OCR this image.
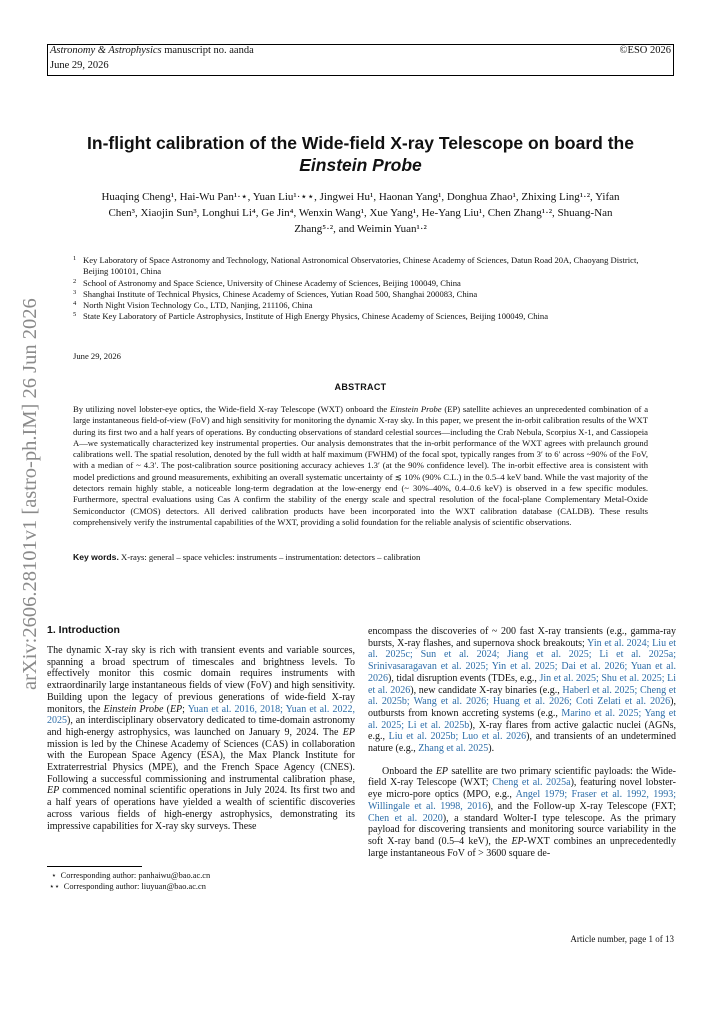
Astronomy & Astrophysics manuscript no. aanda
June 29, 2026
©ESO 2026
arXiv:2606.28101v1 [astro-ph.IM] 26 Jun 2026
In-flight calibration of the Wide-field X-ray Telescope on board the
Einstein Probe
Huaqing Cheng¹, Hai-Wu Pan¹·⋆, Yuan Liu¹·⋆⋆, Jingwei Hu¹, Haonan Yang¹, Donghua Zhao¹, Zhixing Ling¹·², Yifan
Chen³, Xiaojin Sun³, Longhui Li⁴, Ge Jin⁴, Wenxin Wang¹, Xue Yang¹, He-Yang Liu¹, Chen Zhang¹·², Shuang-Nan
Zhang⁵·², and Weimin Yuan¹·²
1 Key Laboratory of Space Astronomy and Technology, National Astronomical Observatories, Chinese Academy of Sciences, Datun Road 20A, Chaoyang District, Beijing 100101, China
2 School of Astronomy and Space Science, University of Chinese Academy of Sciences, Beijing 100049, China
3 Shanghai Institute of Technical Physics, Chinese Academy of Sciences, Yutian Road 500, Shanghai 200083, China
4 North Night Vision Technology Co., LTD, Nanjing, 211106, China
5 State Key Laboratory of Particle Astrophysics, Institute of High Energy Physics, Chinese Academy of Sciences, Beijing 100049, China
June 29, 2026
ABSTRACT
By utilizing novel lobster-eye optics, the Wide-field X-ray Telescope (WXT) onboard the Einstein Probe (EP) satellite achieves an unprecedented combination of a large instantaneous field-of-view (FoV) and high sensitivity for monitoring the dynamic X-ray sky. In this paper, we present the in-orbit calibration results of the WXT during its first two and a half years of operations. By conducting observations of standard celestial sources—including the Crab Nebula, Scorpius X-1, and Cassiopeia A—we systematically characterized key instrumental properties. Our analysis demonstrates that the in-orbit performance of the WXT agrees with prelaunch ground calibrations well. The spatial resolution, denoted by the full width at half maximum (FWHM) of the focal spot, typically ranges from 3′ to 6′ across ~90% of the FoV, with a median of ~ 4.3′. The post-calibration source positioning accuracy achieves 1.3′ (at the 90% confidence level). The in-orbit effective area is consistent with model predictions and ground measurements, exhibiting an overall systematic uncertainty of ≲ 10% (90% C.L.) in the 0.5–4 keV band. While the vast majority of the detectors remain highly stable, a noticeable long-term degradation at the low-energy end (~ 30%–40%, 0.4–0.6 keV) is observed in a few specific modules. Furthermore, spectral evaluations using Cas A confirm the stability of the energy scale and spectral resolution of the focal-plane Complementary Metal-Oxide Semiconductor (CMOS) detectors. All derived calibration products have been incorporated into the WXT calibration database (CALDB). These results comprehensively verify the instrumental capabilities of the WXT, providing a solid foundation for the reliable analysis of scientific observations.
Key words. X-rays: general – space vehicles: instruments – instrumentation: detectors – calibration
1. Introduction

The dynamic X-ray sky is rich with transient events and variable sources, spanning a broad spectrum of timescales and brightness levels. To effectively monitor this cosmic domain requires instruments with extraordinarily large instantaneous fields of view (FoV) and high sensitivity. Building upon the legacy of previous generations of wide-field X-ray monitors, the Einstein Probe (EP; Yuan et al. 2016, 2018; Yuan et al. 2022, 2025), an interdisciplinary observatory dedicated to time-domain astronomy and high-energy astrophysics, was launched on January 9, 2024. The EP mission is led by the Chinese Academy of Sciences (CAS) in collaboration with the European Space Agency (ESA), the Max Planck Institute for Extraterrestrial Physics (MPE), and the French Space Agency (CNES). Following a successful commissioning and instrumental calibration phase, EP commenced nominal scientific operations in July 2024. Its first two and a half years of operations have yielded a wealth of scientific discoveries across various fields of high-energy astrophysics, demonstrating its impressive capabilities for X-ray sky surveys. These

encompass the discoveries of ~ 200 fast X-ray transients (e.g., gamma-ray bursts, X-ray flashes, and supernova shock breakouts; Yin et al. 2024; Liu et al. 2025c; Sun et al. 2024; Jiang et al. 2025; Li et al. 2025a; Srinivasaragavan et al. 2025; Yin et al. 2025; Dai et al. 2026; Yuan et al. 2026), tidal disruption events (TDEs, e.g., Jin et al. 2025; Shu et al. 2025; Li et al. 2026), new candidate X-ray binaries (e.g., Haberl et al. 2025; Cheng et al. 2025b; Wang et al. 2026; Huang et al. 2026; Coti Zelati et al. 2026), outbursts from known accreting systems (e.g., Marino et al. 2025; Yang et al. 2025; Li et al. 2025b), X-ray flares from active galactic nuclei (AGNs, e.g., Liu et al. 2025b; Luo et al. 2026), and transients of an undetermined nature (e.g., Zhang et al. 2025).

Onboard the EP satellite are two primary scientific payloads: the Wide-field X-ray Telescope (WXT; Cheng et al. 2025a), featuring novel lobster-eye micro-pore optics (MPO, e.g., Angel 1979; Fraser et al. 1992, 1993; Willingale et al. 1998, 2016), and the Follow-up X-ray Telescope (FXT; Chen et al. 2020), a standard Wolter-I type telescope. As the primary payload for discovering transients and monitoring source variability in the soft X-ray band (0.5–4 keV), the EP-WXT combines an unprecedentedly large instantaneous FoV of > 3600 square de-

⋆ Corresponding author: panhaiwu@bao.ac.cn
⋆⋆ Corresponding author: liuyuan@bao.ac.cn
Article number, page 1 of 13
